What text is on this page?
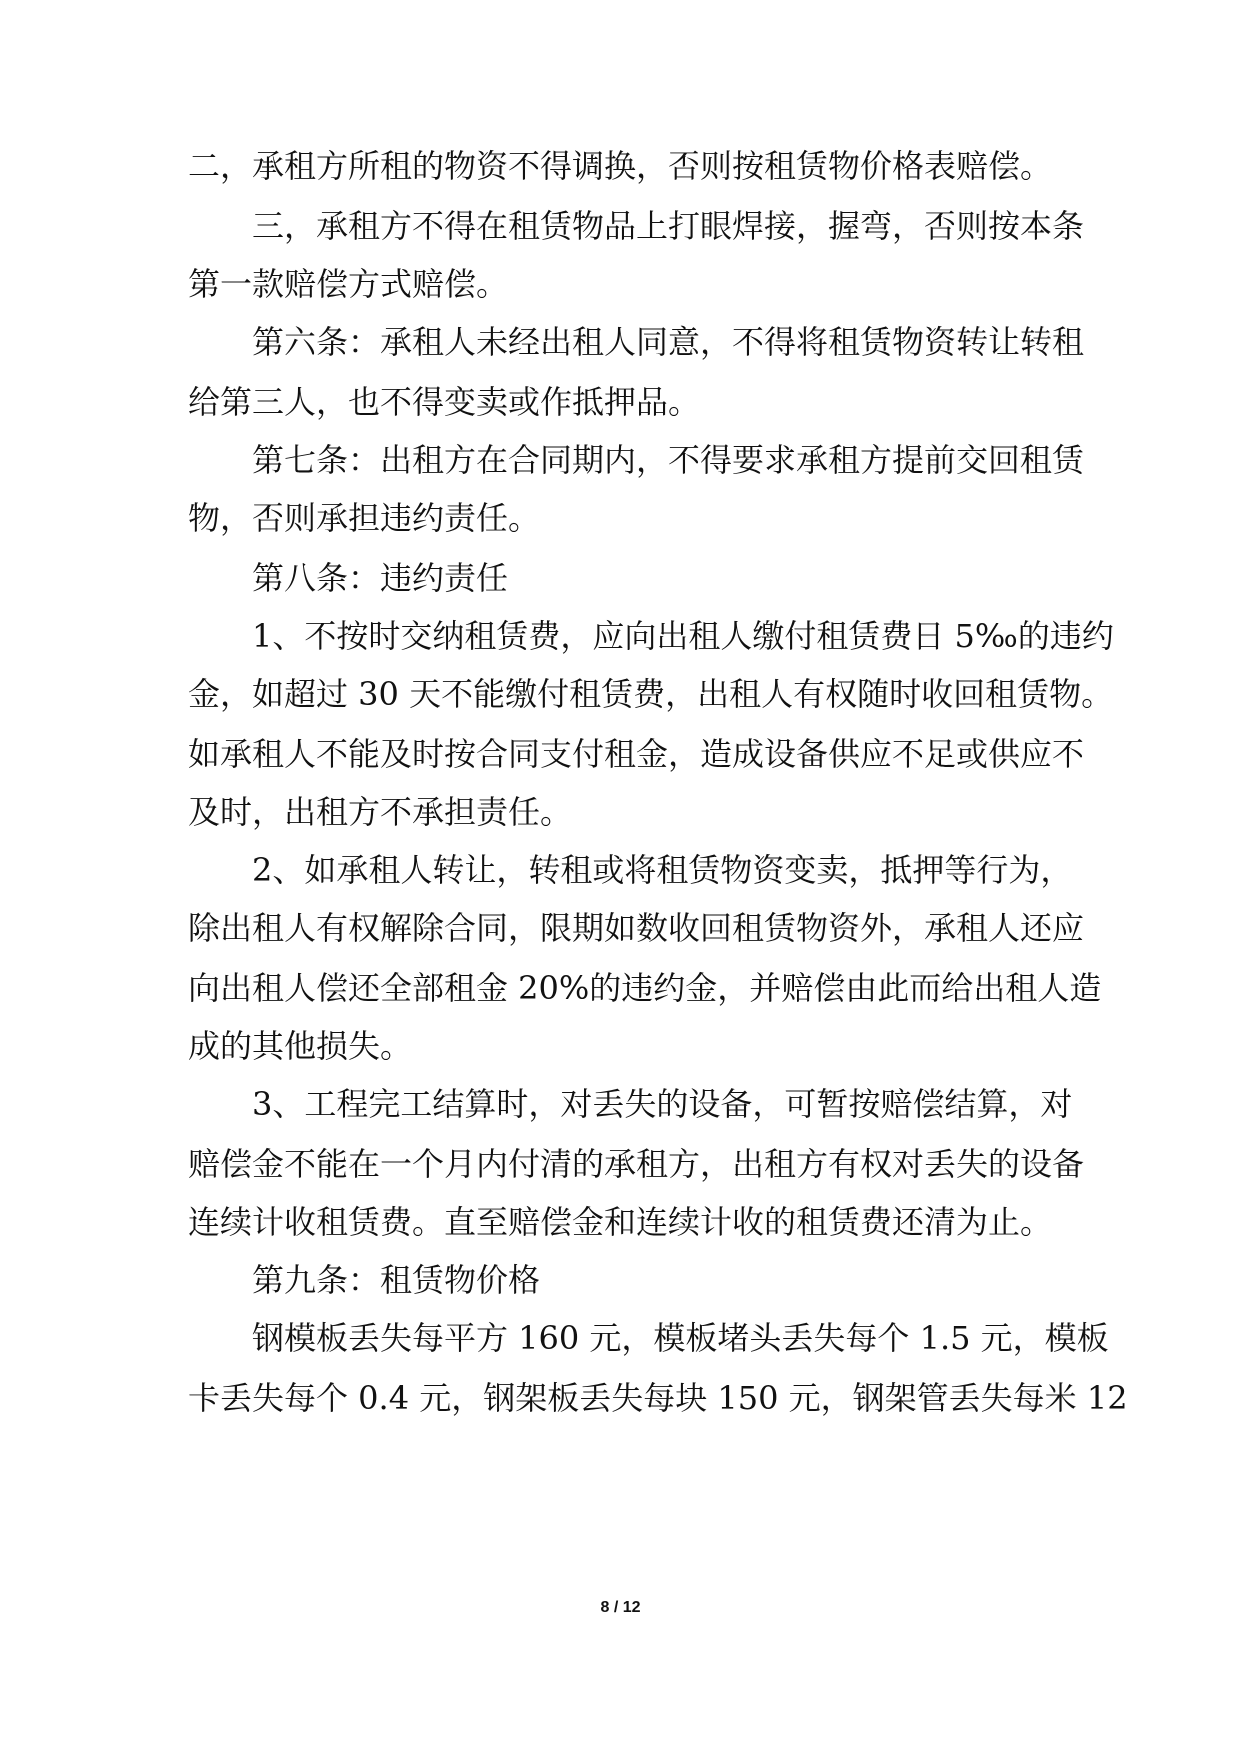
二，承租方所租的物资不得调换，否则按租赁物价格表赔偿。
三，承租方不得在租赁物品上打眼焊接，握弯，否则按本条
第一款赔偿方式赔偿。
第六条：承租人未经出租人同意，不得将租赁物资转让转租
给第三人，也不得变卖或作抵押品。
第七条：出租方在合同期内，不得要求承租方提前交回租赁
物，否则承担违约责任。
第八条：违约责任
1、不按时交纳租赁费，应向出租人缴付租赁费日 5‰的违约
金，如超过 30 天不能缴付租赁费，出租人有权随时收回租赁物。
如承租人不能及时按合同支付租金，造成设备供应不足或供应不
及时，出租方不承担责任。
2、如承租人转让，转租或将租赁物资变卖，抵押等行为，
除出租人有权解除合同，限期如数收回租赁物资外，承租人还应
向出租人偿还全部租金 20%的违约金，并赔偿由此而给出租人造
成的其他损失。
3、工程完工结算时，对丢失的设备，可暂按赔偿结算，对
赔偿金不能在一个月内付清的承租方，出租方有权对丢失的设备
连续计收租赁费。直至赔偿金和连续计收的租赁费还清为止。
第九条：租赁物价格
钢模板丢失每平方 160 元，模板堵头丢失每个 1.5 元，模板
卡丢失每个 0.4 元，钢架板丢失每块 150 元，钢架管丢失每米 12
8 / 12
